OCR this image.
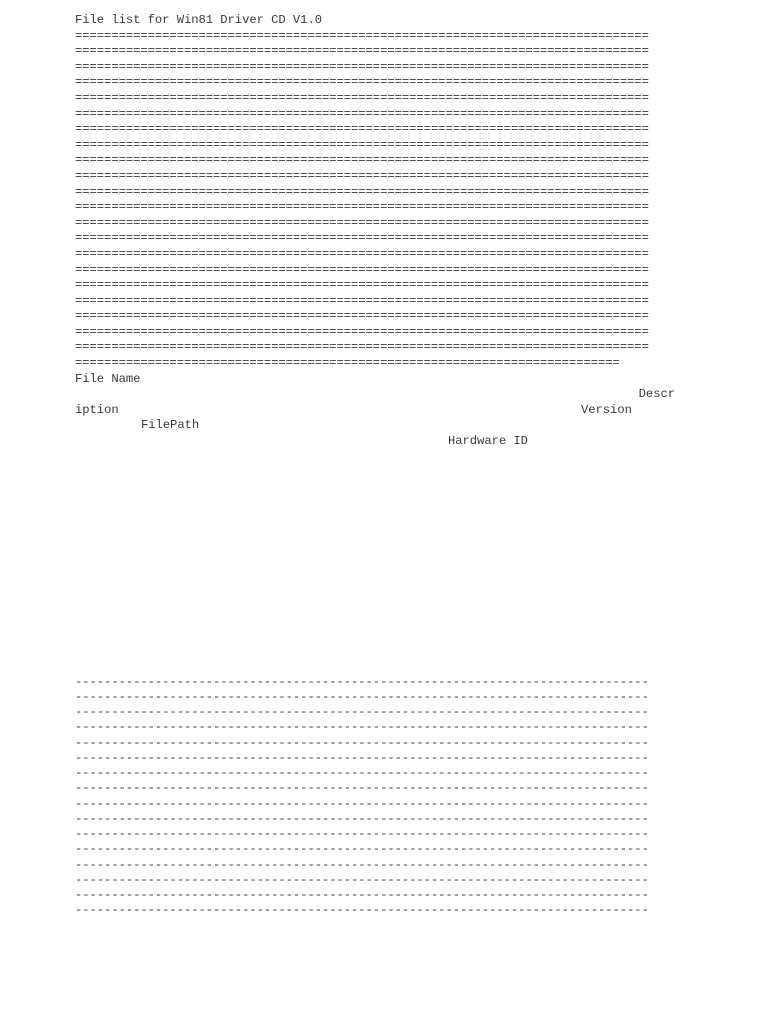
File list for Win81 Driver CD V1.0
===============================================================================
===============================================================================
===============================================================================
===============================================================================
===============================================================================
===============================================================================
===============================================================================
===============================================================================
===============================================================================
===============================================================================
===============================================================================
===============================================================================
===============================================================================
===============================================================================
===============================================================================
===============================================================================
===============================================================================
===============================================================================
===============================================================================
===============================================================================
===============================================================================
===========================================================================
File Name
Descr
iption	Version
FilePath
Hardware ID
-------------------------------------------------------------------------------
-------------------------------------------------------------------------------
-------------------------------------------------------------------------------
-------------------------------------------------------------------------------
-------------------------------------------------------------------------------
-------------------------------------------------------------------------------
-------------------------------------------------------------------------------
-------------------------------------------------------------------------------
-------------------------------------------------------------------------------
-------------------------------------------------------------------------------
-------------------------------------------------------------------------------
-------------------------------------------------------------------------------
-------------------------------------------------------------------------------
-------------------------------------------------------------------------------
-------------------------------------------------------------------------------
-------------------------------------------------------------------------------
